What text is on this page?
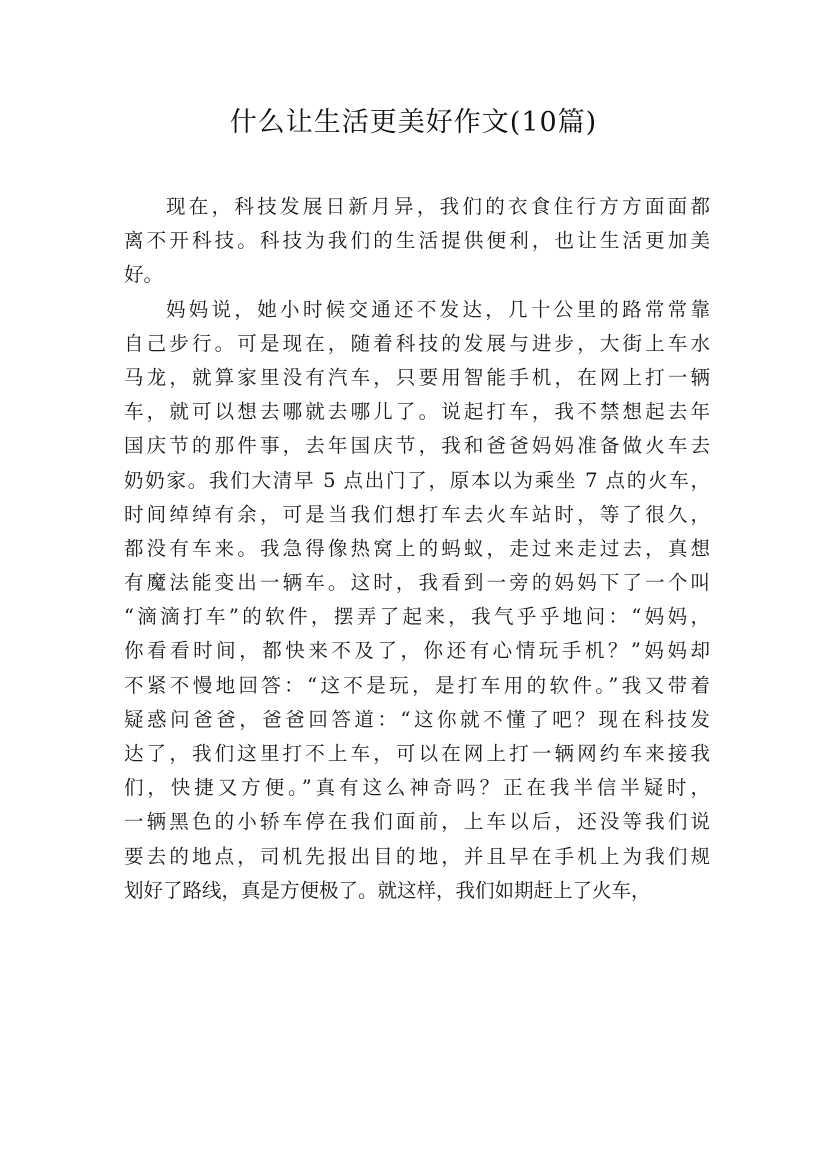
什么让生活更美好作文(10篇)
现在，科技发展日新月异，我们的衣食住行方方面面都
离不开科技。科技为我们的生活提供便利，也让生活更加美
好。
妈妈说，她小时候交通还不发达，几十公里的路常常靠
自己步行。可是现在，随着科技的发展与进步，大街上车水
马龙，就算家里没有汽车，只要用智能手机，在网上打一辆
车，就可以想去哪就去哪儿了。说起打车，我不禁想起去年
国庆节的那件事，去年国庆节，我和爸爸妈妈准备做火车去
奶奶家。我们大清早 5 点出门了，原本以为乘坐 7 点的火车，
时间绰绰有余，可是当我们想打车去火车站时，等了很久，
都没有车来。我急得像热窝上的蚂蚁，走过来走过去，真想
有魔法能变出一辆车。这时，我看到一旁的妈妈下了一个叫
“滴滴打车”的软件，摆弄了起来，我气乎乎地问：“妈妈，
你看看时间，都快来不及了，你还有心情玩手机？”妈妈却
不紧不慢地回答：“这不是玩，是打车用的软件。”我又带着
疑惑问爸爸，爸爸回答道：“这你就不懂了吧？现在科技发
达了，我们这里打不上车，可以在网上打一辆网约车来接我
们，快捷又方便。”真有这么神奇吗？正在我半信半疑时，
一辆黑色的小轿车停在我们面前，上车以后，还没等我们说
要去的地点，司机先报出目的地，并且早在手机上为我们规
划好了路线，真是方便极了。就这样，我们如期赶上了火车，
